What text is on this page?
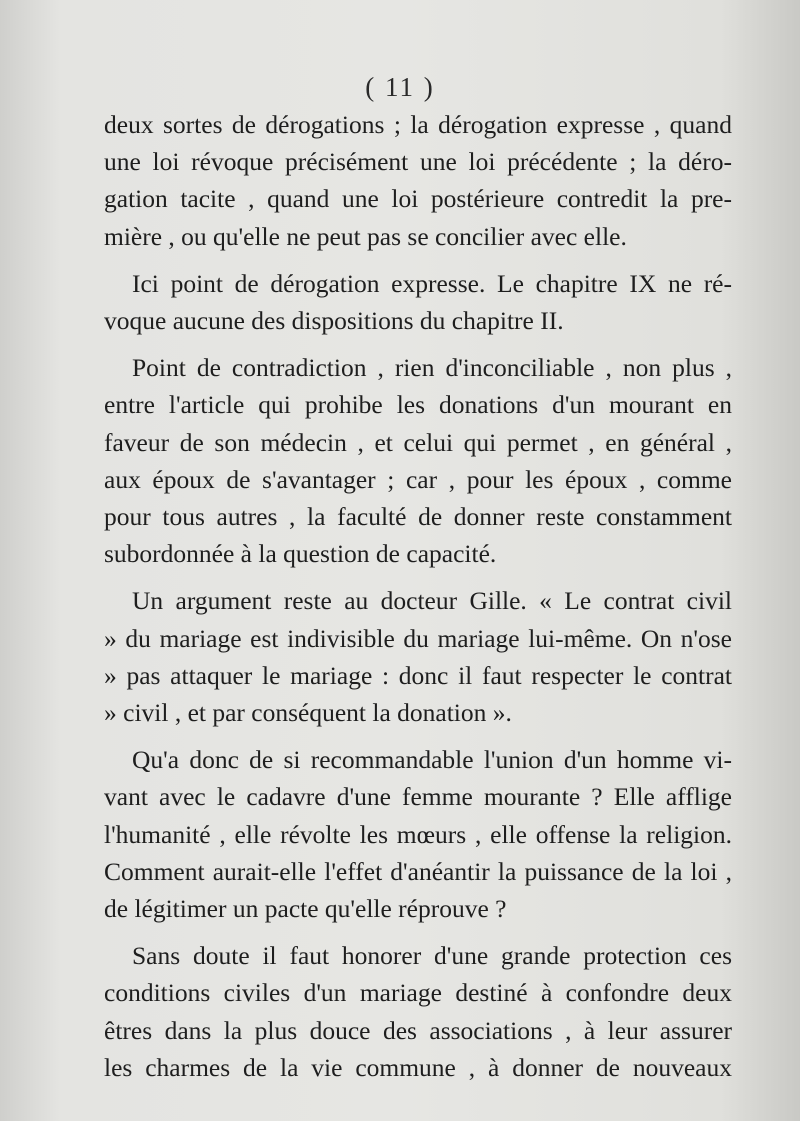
( 11 )
deux sortes de dérogations ; la dérogation expresse , quand
une loi révoque précisément une loi précédente ; la déro-
gation tacite , quand une loi postérieure contredit la pre-
mière , ou qu'elle ne peut pas se concilier avec elle.
Ici point de dérogation expresse. Le chapitre IX ne ré-
voque aucune des dispositions du chapitre II.
Point de contradiction , rien d'inconciliable , non plus ,
entre l'article qui prohibe les donations d'un mourant en
faveur de son médecin , et celui qui permet , en général ,
aux époux de s'avantager ; car , pour les époux , comme
pour tous autres , la faculté de donner reste constamment
subordonnée à la question de capacité.
Un argument reste au docteur Gille. « Le contrat civil
» du mariage est indivisible du mariage lui-même. On n'ose
» pas attaquer le mariage : donc il faut respecter le contrat
» civil , et par conséquent la donation ».
Qu'a donc de si recommandable l'union d'un homme vi-
vant avec le cadavre d'une femme mourante ? Elle afflige
l'humanité , elle révolte les mœurs , elle offense la religion.
Comment aurait-elle l'effet d'anéantir la puissance de la loi ,
de légitimer un pacte qu'elle réprouve ?
Sans doute il faut honorer d'une grande protection ces
conditions civiles d'un mariage destiné à confondre deux
êtres dans la plus douce des associations , à leur assurer
les charmes de la vie commune , à donner de nouveaux
